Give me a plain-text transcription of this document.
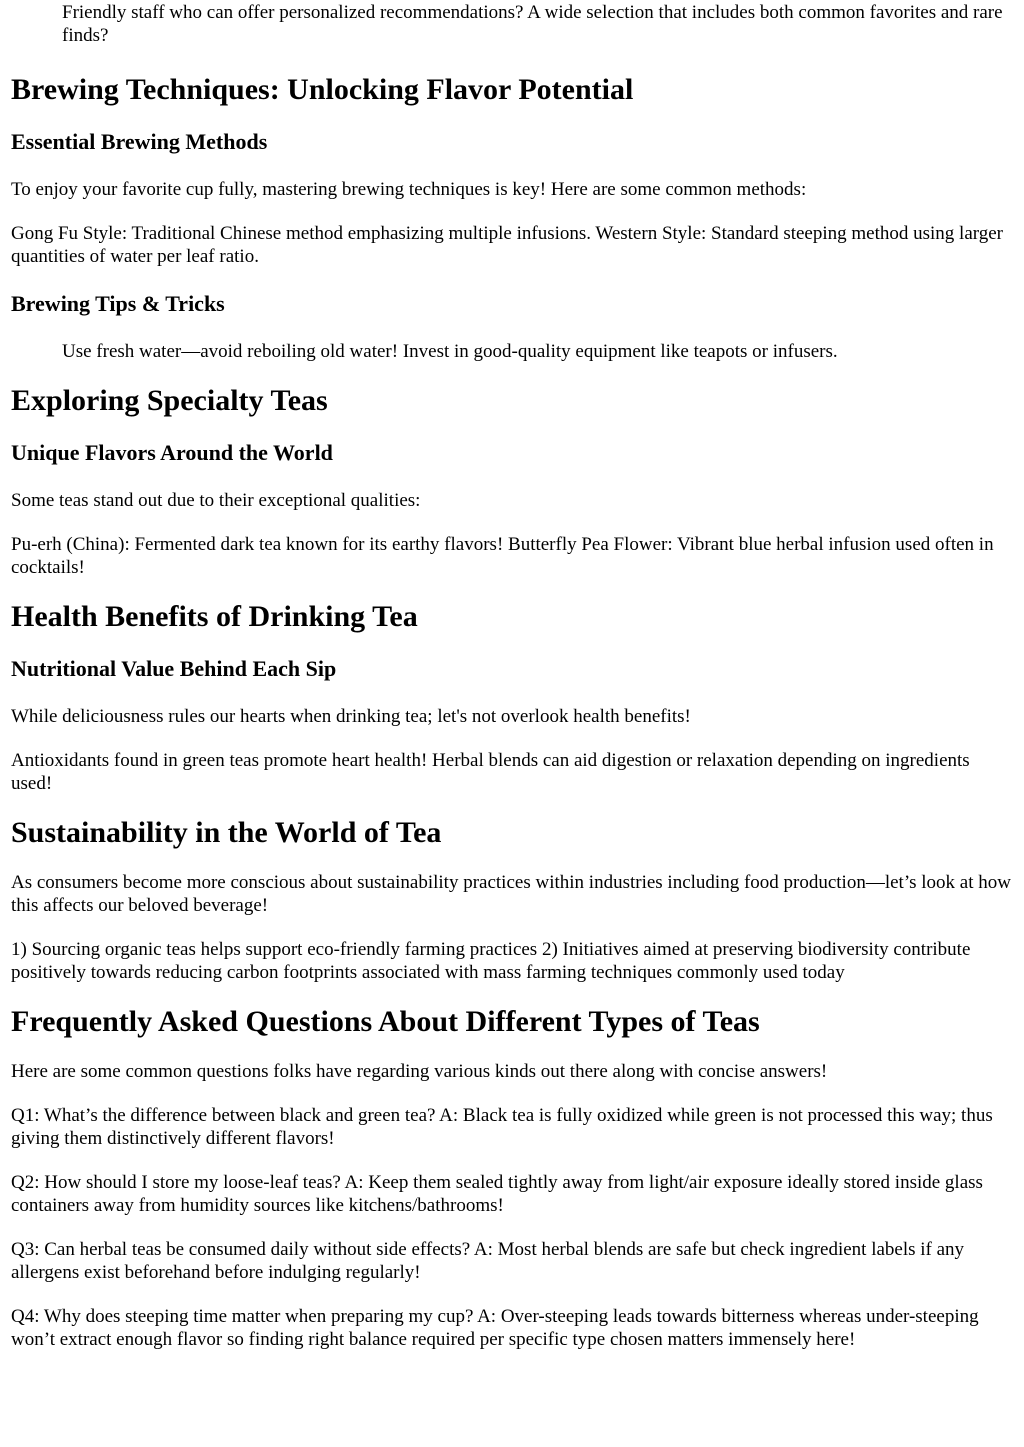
Friendly staff who can offer personalized recommendations? A wide selection that includes both common favorites and rare finds?
Brewing Techniques: Unlocking Flavor Potential
Essential Brewing Methods

To enjoy your favorite cup fully, mastering brewing techniques is key! Here are some common methods:

Gong Fu Style: Traditional Chinese method emphasizing multiple infusions. Western Style: Standard steeping method using larger quantities of water per leaf ratio.

Brewing Tips & Tricks
Use fresh water—avoid reboiling old water! Invest in good-quality equipment like teapots or infusers.
Exploring Specialty Teas
Unique Flavors Around the World

Some teas stand out due to their exceptional qualities:

Pu-erh (China): Fermented dark tea known for its earthy flavors! Butterfly Pea Flower: Vibrant blue herbal infusion used often in cocktails!

Health Benefits of Drinking Tea
Nutritional Value Behind Each Sip

While deliciousness rules our hearts when drinking tea; let's not overlook health benefits!

Antioxidants found in green teas promote heart health! Herbal blends can aid digestion or relaxation depending on ingredients used!

Sustainability in the World of Tea

As consumers become more conscious about sustainability practices within industries including food production—let’s look at how this affects our beloved beverage!

1) Sourcing organic teas helps support eco-friendly farming practices 2) Initiatives aimed at preserving biodiversity contribute positively towards reducing carbon footprints associated with mass farming techniques commonly used today

Frequently Asked Questions About Different Types of Teas

Here are some common questions folks have regarding various kinds out there along with concise answers!

Q1: What’s the difference between black and green tea? A: Black tea is fully oxidized while green is not processed this way; thus giving them distinctively different flavors!

Q2: How should I store my loose-leaf teas? A: Keep them sealed tightly away from light/air exposure ideally stored inside glass containers away from humidity sources like kitchens/bathrooms!

Q3: Can herbal teas be consumed daily without side effects? A: Most herbal blends are safe but check ingredient labels if any allergens exist beforehand before indulging regularly!

Q4: Why does steeping time matter when preparing my cup? A: Over-steeping leads towards bitterness whereas under-steeping won’t extract enough flavor so finding right balance required per specific type chosen matters immensely here!
